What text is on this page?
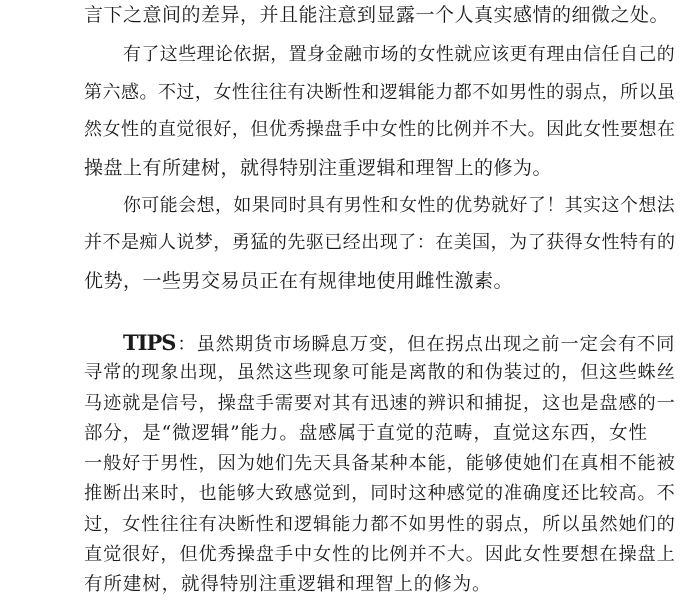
言下之意间的差异，并且能注意到显露一个人真实感情的细微之处。
有了这些理论依据，置身金融市场的女性就应该更有理由信任自己的
第六感。不过，女性往往有决断性和逻辑能力都不如男性的弱点，所以虽
然女性的直觉很好，但优秀操盘手中女性的比例并不大。因此女性要想在
操盘上有所建树，就得特别注重逻辑和理智上的修为。
你可能会想，如果同时具有男性和女性的优势就好了！其实这个想法
并不是痴人说梦，勇猛的先驱已经出现了：在美国，为了获得女性特有的
优势，一些男交易员正在有规律地使用雌性激素。
TIPS ：虽然期货市场瞬息万变，但在拐点出现之前一定会有不同
寻常的现象出现，虽然这些现象可能是离散的和伪装过的，但这些蛛丝
马迹就是信号，操盘手需要对其有迅速的辨识和捕捉，这也是盘感的一
部分，是“微逻辑”能力。盘感属于直觉的范畴，直觉这东西，女性
一般好于男性，因为她们先天具备某种本能，能够使她们在真相不能被
推断出来时，也能够大致感觉到，同时这种感觉的准确度还比较高。不
过，女性往往有决断性和逻辑能力都不如男性的弱点，所以虽然她们的
直觉很好，但优秀操盘手中女性的比例并不大。因此女性要想在操盘上
有所建树，就得特别注重逻辑和理智上的修为。
